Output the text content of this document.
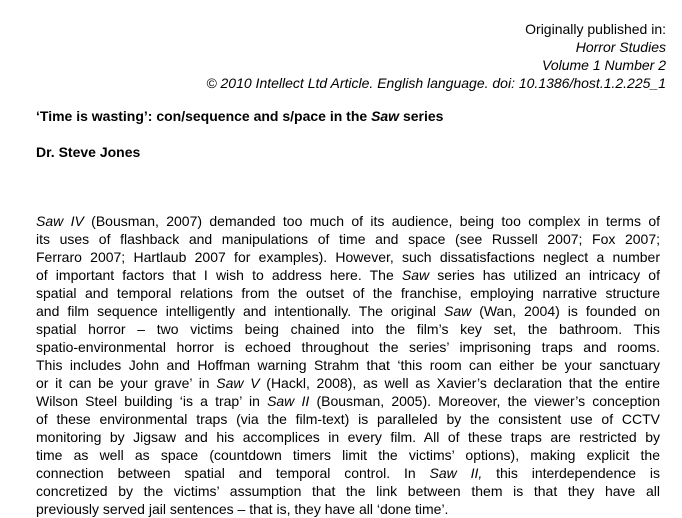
Originally published in:
Horror Studies
Volume 1 Number 2
© 2010 Intellect Ltd Article. English language. doi: 10.1386/host.1.2.225_1
‘Time is wasting’: con/sequence and s/pace in the Saw series
Dr. Steve Jones
Saw IV (Bousman, 2007) demanded too much of its audience, being too complex in terms of
its uses of flashback and manipulations of time and space (see Russell 2007; Fox 2007;
Ferraro 2007; Hartlaub 2007 for examples). However, such dissatisfactions neglect a number
of important factors that I wish to address here. The Saw series has utilized an intricacy of
spatial and temporal relations from the outset of the franchise, employing narrative structure
and film sequence intelligently and intentionally. The original Saw (Wan, 2004) is founded on
spatial horror – two victims being chained into the film’s key set, the bathroom. This
spatio-environmental horror is echoed throughout the series’ imprisoning traps and rooms.
This includes John and Hoffman warning Strahm that ‘this room can either be your sanctuary
or it can be your grave’ in Saw V (Hackl, 2008), as well as Xavier’s declaration that the entire
Wilson Steel building ‘is a trap’ in Saw II (Bousman, 2005). Moreover, the viewer’s conception
of these environmental traps (via the film-text) is paralleled by the consistent use of CCTV
monitoring by Jigsaw and his accomplices in every film. All of these traps are restricted by
time as well as space (countdown timers limit the victims’ options), making explicit the
connection between spatial and temporal control. In Saw II, this interdependence is
concretized by the victims’ assumption that the link between them is that they have all
previously served jail sentences – that is, they have all ‘done time’.
